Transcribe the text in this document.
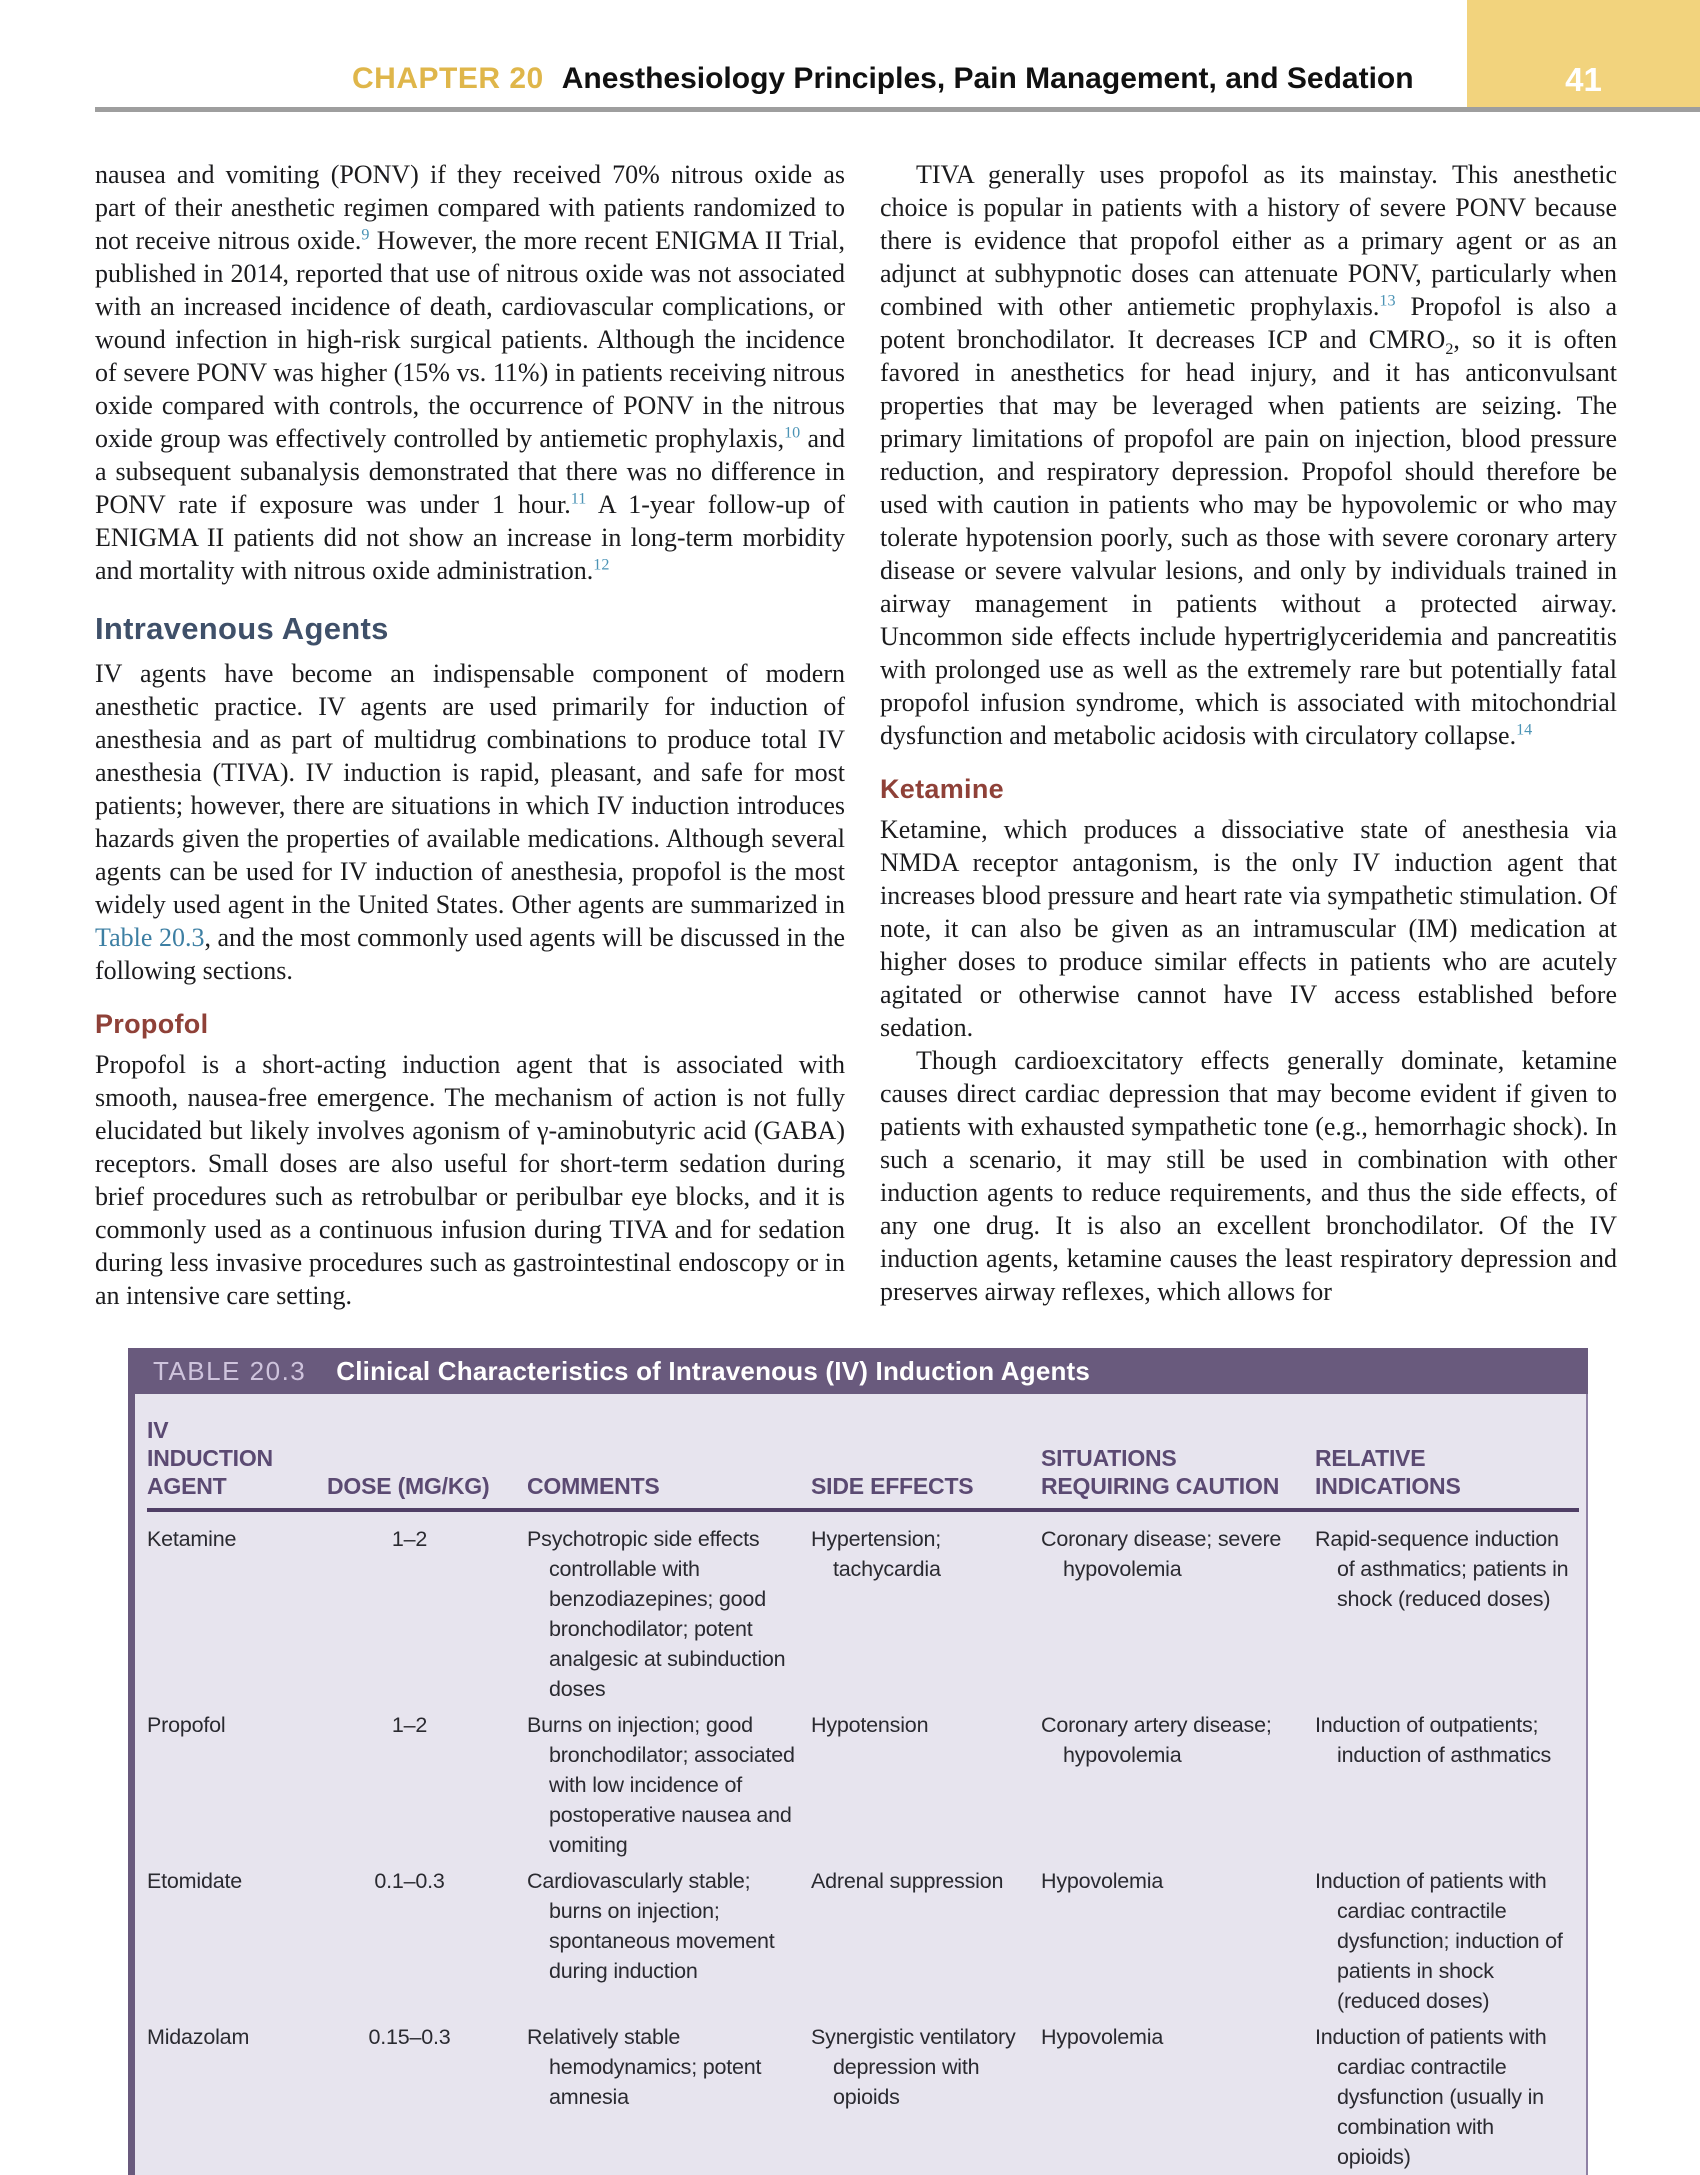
CHAPTER 20 Anesthesiology Principles, Pain Management, and Sedation	41

nausea and vomiting (PONV) if they received 70% nitrous oxide as part of their anesthetic regimen compared with patients randomized to not receive nitrous oxide.$^9$ However, the more recent ENIGMA II Trial, published in 2014, reported that use of nitrous oxide was not associated with an increased incidence of death, cardiovascular complications, or wound infection in high-risk surgical patients. Although the incidence of severe PONV was higher (15% vs. 11%) in patients receiving nitrous oxide compared with controls, the occurrence of PONV in the nitrous oxide group was effectively controlled by antiemetic prophylaxis,$^{10}$ and a subsequent subanalysis demonstrated that there was no difference in PONV rate if exposure was under 1 hour.$^{11}$ A 1-year follow-up of ENIGMA II patients did not show an increase in long-term morbidity and mortality with nitrous oxide administration.$^{12}$

Intravenous Agents

IV agents have become an indispensable component of modern anesthetic practice. IV agents are used primarily for induction of anesthesia and as part of multidrug combinations to produce total IV anesthesia (TIVA). IV induction is rapid, pleasant, and safe for most patients; however, there are situations in which IV induction introduces hazards given the properties of available medications. Although several agents can be used for IV induction of anesthesia, propofol is the most widely used agent in the United States. Other agents are summarized in Table 20.3, and the most commonly used agents will be discussed in the following sections.

Propofol

Propofol is a short-acting induction agent that is associated with smooth, nausea-free emergence. The mechanism of action is not fully elucidated but likely involves agonism of γ-aminobutyric acid (GABA) receptors. Small doses are also useful for short-term sedation during brief procedures such as retrobulbar or peribulbar eye blocks, and it is commonly used as a continuous infusion during TIVA and for sedation during less invasive procedures such as gastrointestinal endoscopy or in an intensive care setting.

TIVA generally uses propofol as its mainstay. This anesthetic choice is popular in patients with a history of severe PONV because there is evidence that propofol either as a primary agent or as an adjunct at subhypnotic doses can attenuate PONV, particularly when combined with other antiemetic prophylaxis.$^{13}$ Propofol is also a potent bronchodilator. It decreases ICP and $CMRO_2$, so it is often favored in anesthetics for head injury, and it has anticonvulsant properties that may be leveraged when patients are seizing. The primary limitations of propofol are pain on injection, blood pressure reduction, and respiratory depression. Propofol should therefore be used with caution in patients who may be hypovolemic or who may tolerate hypotension poorly, such as those with severe coronary artery disease or severe valvular lesions, and only by individuals trained in airway management in patients without a protected airway. Uncommon side effects include hypertriglyceridemia and pancreatitis with prolonged use as well as the extremely rare but potentially fatal propofol infusion syndrome, which is associated with mitochondrial dysfunction and metabolic acidosis with circulatory collapse.$^{14}$

Ketamine

Ketamine, which produces a dissociative state of anesthesia via NMDA receptor antagonism, is the only IV induction agent that increases blood pressure and heart rate via sympathetic stimulation. Of note, it can also be given as an intramuscular (IM) medication at higher doses to produce similar effects in patients who are acutely agitated or otherwise cannot have IV access established before sedation.

Though cardioexcitatory effects generally dominate, ketamine causes direct cardiac depression that may become evident if given to patients with exhausted sympathetic tone (e.g., hemorrhagic shock). In such a scenario, it may still be used in combination with other induction agents to reduce requirements, and thus the side effects, of any one drug. It is also an excellent bronchodilator. Of the IV induction agents, ketamine causes the least respiratory depression and preserves airway reflexes, which allows for

TABLE 20.3 Clinical Characteristics of Intravenous (IV) Induction Agents
IV INDUCTION AGENT	DOSE (MG/KG)	COMMENTS	SIDE EFFECTS	SITUATIONS REQUIRING CAUTION	RELATIVE INDICATIONS

Ketamine	1–2	Psychotropic side effects controllable with benzodiazepines; good bronchodilator; potent analgesic at subinduction doses	Hypertension; tachycardia	Coronary disease; severe hypovolemia	Rapid-sequence induction of asthmatics; patients in shock (reduced doses)

Propofol	1–2	Burns on injection; good bronchodilator; associated with low incidence of postoperative nausea and vomiting	Hypotension	Coronary artery disease; hypovolemia	Induction of outpatients; induction of asthmatics

Etomidate	0.1–0.3	Cardiovascularly stable; burns on injection; spontaneous movement during induction	Adrenal suppression	Hypovolemia	Induction of patients with cardiac contractile dysfunction; induction of patients in shock (reduced doses)

Midazolam	0.15–0.3	Relatively stable hemodynamics; potent amnesia	Synergistic ventilatory depression with opioids	Hypovolemia	Induction of patients with cardiac contractile dysfunction (usually in combination with opioids)
